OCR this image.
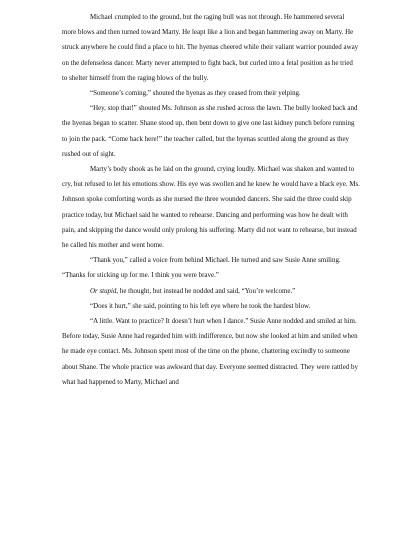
Michael crumpled to the ground, but the raging bull was not through. He hammered several more blows and then turned toward Marty. He leapt like a lion and began hammering away on Marty. He struck anywhere he could find a place to hit. The hyenas cheered while their valiant warrior pounded away on the defenseless dancer. Marty never attempted to fight back, but curled into a fetal position as he tried to shelter himself from the raging blows of the bully.

“Someone’s coming,” shouted the hyenas as they ceased from their yelping.

“Hey, stop that!” shouted Ms. Johnson as she rushed across the lawn. The bully looked back and the hyenas began to scatter. Shane stood up, then bent down to give one last kidney punch before running to join the pack. “Come back here!” the teacher called, but the hyenas scuttled along the ground as they rushed out of sight.

Marty’s body shook as he laid on the ground, crying loudly. Michael was shaken and wanted to cry, but refused to let his emotions show. His eye was swollen and he knew he would have a black eye. Ms. Johnson spoke comforting words as she nursed the three wounded dancers. She said the three could skip practice today, but Michael said he wanted to rehearse. Dancing and performing was how he dealt with pain, and skipping the dance would only prolong his suffering. Marty did not want to rehearse, but instead he called his mother and went home.

“Thank you,” called a voice from behind Michael. He turned and saw Susie Anne smiling. “Thanks for sticking up for me. I think you were brave.”

Or stupid, he thought, but instead he nodded and said, “You’re welcome.”

“Does it hurt,” she said, pointing to his left eye where he took the hardest blow.

“A little. Want to practice? It doesn’t hurt when I dance.” Susie Anne nodded and smiled at him. Before today, Susie Anne had regarded him with indifference, but now she looked at him and smiled when he made eye contact. Ms. Johnson spent most of the time on the phone, chattering excitedly to someone about Shane. The whole practice was awkward that day. Everyone seemed distracted. They were rattled by what had happened to Marty, Michael and
